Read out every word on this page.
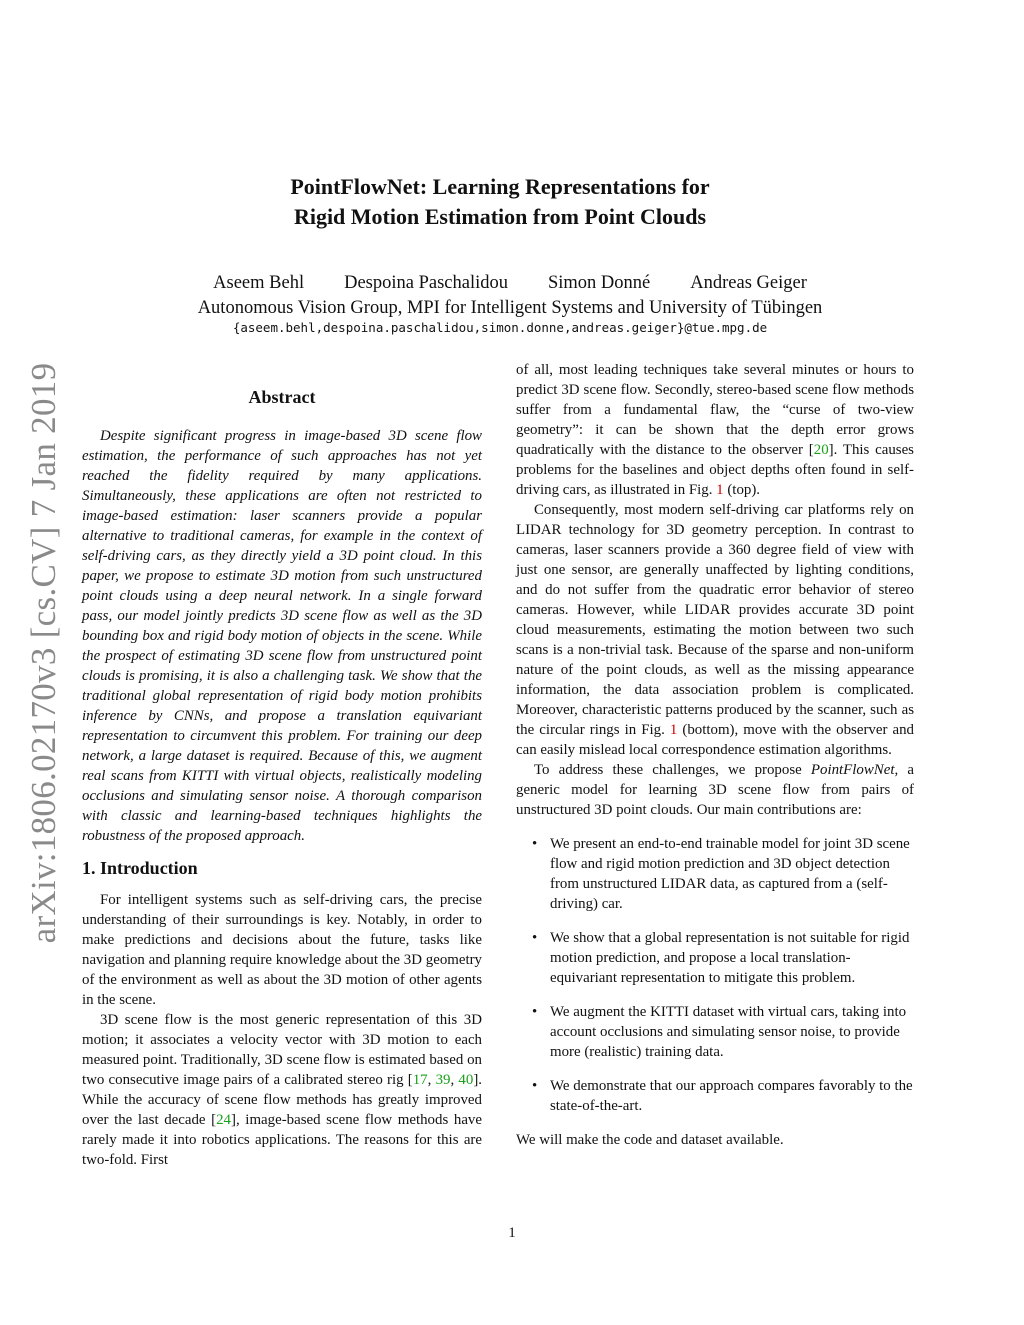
arXiv:1806.02170v3 [cs.CV] 7 Jan 2019
PointFlowNet: Learning Representations for
Rigid Motion Estimation from Point Clouds
Aseem Behl Despoina Paschalidou Simon Donné Andreas Geiger
Autonomous Vision Group, MPI for Intelligent Systems and University of Tübingen
{aseem.behl,despoina.paschalidou,simon.donne,andreas.geiger}@tue.mpg.de
Abstract

Despite significant progress in image-based 3D scene flow estimation, the performance of such approaches has not yet reached the fidelity required by many applications. Simultaneously, these applications are often not restricted to image-based estimation: laser scanners provide a popular alternative to traditional cameras, for example in the context of self-driving cars, as they directly yield a 3D point cloud. In this paper, we propose to estimate 3D motion from such unstructured point clouds using a deep neural network. In a single forward pass, our model jointly predicts 3D scene flow as well as the 3D bounding box and rigid body motion of objects in the scene. While the prospect of estimating 3D scene flow from unstructured point clouds is promising, it is also a challenging task. We show that the traditional global representation of rigid body motion prohibits inference by CNNs, and propose a translation equivariant representation to circumvent this problem. For training our deep network, a large dataset is required. Because of this, we augment real scans from KITTI with virtual objects, realistically modeling occlusions and simulating sensor noise. A thorough comparison with classic and learning-based techniques highlights the robustness of the proposed approach.

1. Introduction

For intelligent systems such as self-driving cars, the precise understanding of their surroundings is key. Notably, in order to make predictions and decisions about the future, tasks like navigation and planning require knowledge about the 3D geometry of the environment as well as about the 3D motion of other agents in the scene.

3D scene flow is the most generic representation of this 3D motion; it associates a velocity vector with 3D motion to each measured point. Traditionally, 3D scene flow is estimated based on two consecutive image pairs of a calibrated stereo rig [17, 39, 40]. While the accuracy of scene flow methods has greatly improved over the last decade [24], image-based scene flow methods have rarely made it into robotics applications. The reasons for this are two-fold. First

of all, most leading techniques take several minutes or hours to predict 3D scene flow. Secondly, stereo-based scene flow methods suffer from a fundamental flaw, the “curse of two-view geometry”: it can be shown that the depth error grows quadratically with the distance to the observer [20]. This causes problems for the baselines and object depths often found in self-driving cars, as illustrated in Fig. 1 (top).

Consequently, most modern self-driving car platforms rely on LIDAR technology for 3D geometry perception. In contrast to cameras, laser scanners provide a 360 degree field of view with just one sensor, are generally unaffected by lighting conditions, and do not suffer from the quadratic error behavior of stereo cameras. However, while LIDAR provides accurate 3D point cloud measurements, estimating the motion between two such scans is a non-trivial task. Because of the sparse and non-uniform nature of the point clouds, as well as the missing appearance information, the data association problem is complicated. Moreover, characteristic patterns produced by the scanner, such as the circular rings in Fig. 1 (bottom), move with the observer and can easily mislead local correspondence estimation algorithms.

To address these challenges, we propose PointFlowNet, a generic model for learning 3D scene flow from pairs of unstructured 3D point clouds. Our main contributions are:

• We present an end-to-end trainable model for joint 3D scene flow and rigid motion prediction and 3D object detection from unstructured LIDAR data, as captured from a (self-driving) car.
• We show that a global representation is not suitable for rigid motion prediction, and propose a local translation-equivariant representation to mitigate this problem.
• We augment the KITTI dataset with virtual cars, taking into account occlusions and simulating sensor noise, to provide more (realistic) training data.
• We demonstrate that our approach compares favorably to the state-of-the-art.

We will make the code and dataset available.

1
